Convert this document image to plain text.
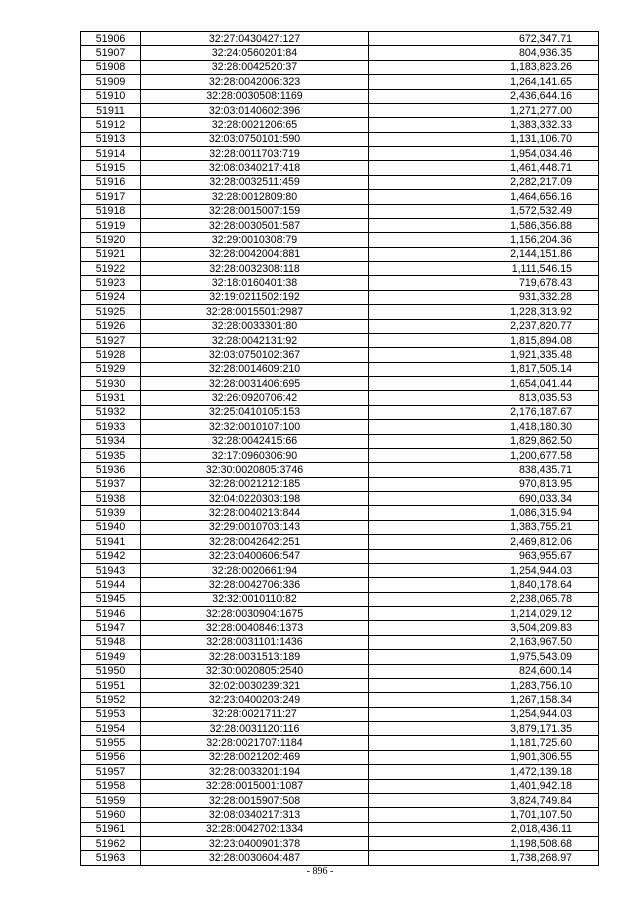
51906	32:27:0430427:127	672,347.71
51907	32:24:0560201:84	804,936.35
51908	32:28:0042520:37	1,183,823.26
51909	32:28:0042006:323	1,264,141.65
51910	32:28:0030508:1169	2,436,644.16
51911	32:03:0140602:396	1,271,277.00
51912	32:28:0021206:65	1,383,332.33
51913	32:03:0750101:590	1,131,106.70
51914	32:28:0011703:719	1,954,034.46
51915	32:08:0340217:418	1,461,448.71
51916	32:28:0032511:459	2,282,217.09
51917	32:28:0012809:80	1,464,656.16
51918	32:28:0015007:159	1,572,532.49
51919	32:28:0030501:587	1,586,356.88
51920	32:29:0010308:79	1,156,204.36
51921	32:28:0042004:881	2,144,151.86
51922	32:28:0032308:118	1,111,546.15
51923	32:18:0160401:38	719,678.43
51924	32:19:0211502:192	931,332.28
51925	32:28:0015501:2987	1,228,313.92
51926	32:28:0033301:80	2,237,820.77
51927	32:28:0042131:92	1,815,894.08
51928	32:03:0750102:367	1,921,335.48
51929	32:28:0014609:210	1,817,505.14
51930	32:28:0031406:695	1,654,041.44
51931	32:26:0920706:42	813,035.53
51932	32:25:0410105:153	2,176,187.67
51933	32:32:0010107:100	1,418,180.30
51934	32:28:0042415:66	1,829,862.50
51935	32:17:0960306:90	1,200,677.58
51936	32:30:0020805:3746	838,435.71
51937	32:28:0021212:185	970,813.95
51938	32:04:0220303:198	690,033.34
51939	32:28:0040213:844	1,086,315.94
51940	32:29:0010703:143	1,383,755.21
51941	32:28:0042642:251	2,469,812.06
51942	32:23:0400606:547	963,955.67
51943	32:28:0020661:94	1,254,944.03
51944	32:28:0042706:336	1,840,178.64
51945	32:32:0010110:82	2,238,065.78
51946	32:28:0030904:1675	1,214,029.12
51947	32:28:0040846:1373	3,504,209.83
51948	32:28:0031101:1436	2,163,967.50
51949	32:28:0031513:189	1,975,543.09
51950	32:30:0020805:2540	824,600.14
51951	32:02:0030239:321	1,283,756.10
51952	32:23:0400203:249	1,267,158.34
51953	32:28:0021711:27	1,254,944.03
51954	32:28:0031120:116	3,879,171.35
51955	32:28:0021707:1184	1,181,725.60
51956	32:28:0021202:469	1,901,306.55
51957	32:28:0033201:194	1,472,139.18
51958	32:28:0015001:1087	1,401,942.18
51959	32:28:0015907:508	3,824,749.84
51960	32:08:0340217:313	1,701,107.50
51961	32:28:0042702:1334	2,018,436.11
51962	32:23:0400901:378	1,198,508.68
51963	32:28:0030604:487	1,738,268.97
- 896 -
